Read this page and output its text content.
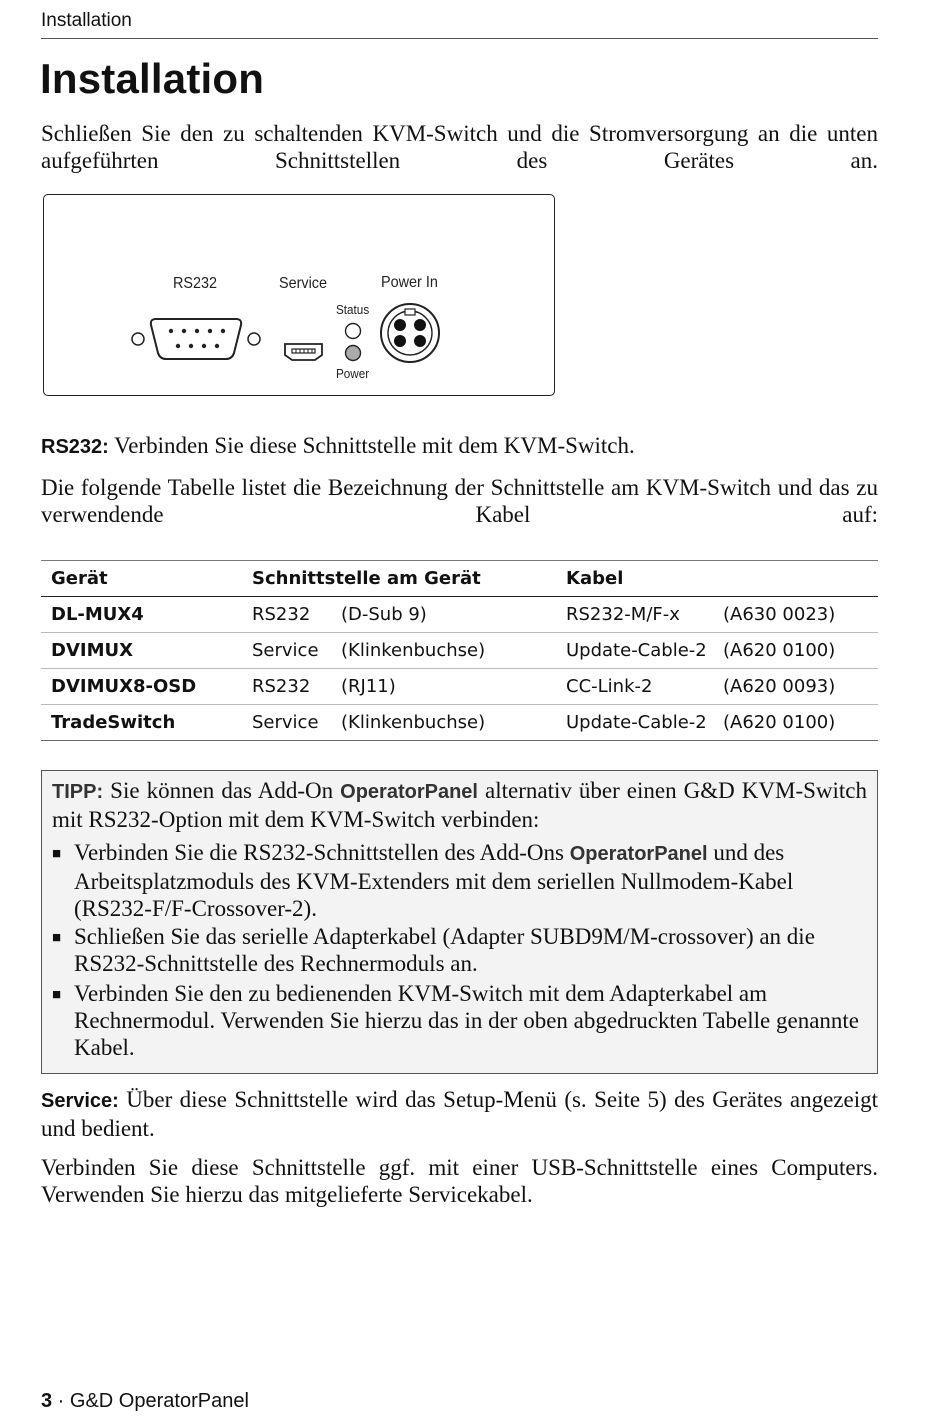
Installation
Installation
Schließen Sie den zu schaltenden KVM-Switch und die Stromversorgung an die unten aufgeführten Schnittstellen des Gerätes an.
RS232	Service	Power In
Status
Power
RS232: Verbinden Sie diese Schnittstelle mit dem KVM-Switch.
Die folgende Tabelle listet die Bezeichnung der Schnittstelle am KVM-Switch und das zu verwendende Kabel auf:
Gerät	Schnittstelle am Gerät		Kabel	
DL-MUX4	RS232	(D-Sub 9)	RS232-M/F-x	(A630 0023)
DVIMUX	Service	(Klinkenbuchse)	Update-Cable-2	(A620 0100)
DVIMUX8-OSD	RS232	(RJ11)	CC-Link-2	(A620 0093)
TradeSwitch	Service	(Klinkenbuchse)	Update-Cable-2	(A620 0100)
TIPP: Sie können das Add-On OperatorPanel alternativ über einen G&D KVM-Switch mit RS232-Option mit dem KVM-Switch verbinden:
■ Verbinden Sie die RS232-Schnittstellen des Add-Ons OperatorPanel und des Arbeitsplatzmoduls des KVM-Extenders mit dem seriellen Nullmodem-Kabel (RS232-F/F-Crossover-2).
■ Schließen Sie das serielle Adapterkabel (Adapter SUBD9M/M-crossover) an die RS232-Schnittstelle des Rechnermoduls an.
■ Verbinden Sie den zu bedienenden KVM-Switch mit dem Adapterkabel am Rechnermodul. Verwenden Sie hierzu das in der oben abgedruckten Tabelle genannte Kabel.
Service: Über diese Schnittstelle wird das Setup-Menü (s. Seite 5) des Gerätes angezeigt und bedient.
Verbinden Sie diese Schnittstelle ggf. mit einer USB-Schnittstelle eines Computers. Verwenden Sie hierzu das mitgelieferte Servicekabel.
3 · G&D OperatorPanel
